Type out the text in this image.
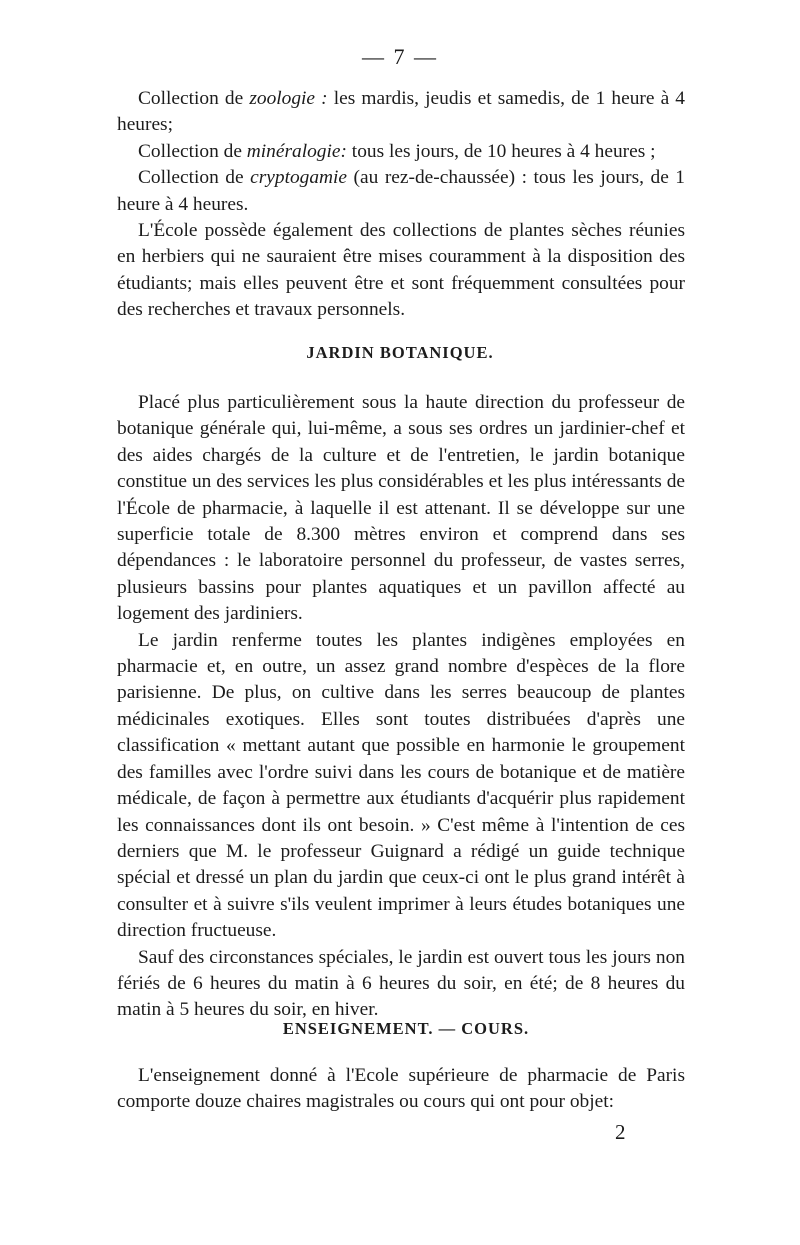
— 7 —

Collection de zoologie : les mardis, jeudis et samedis, de 1 heure à 4 heures;

Collection de minéralogie: tous les jours, de 10 heures à 4 heures ;

Collection de cryptogamie (au rez-de-chaussée) : tous les jours, de 1 heure à 4 heures.

L'École possède également des collections de plantes sèches réunies en herbiers qui ne sauraient être mises couramment à la disposition des étudiants; mais elles peuvent être et sont fréquemment consultées pour des recherches et travaux personnels.

JARDIN BOTANIQUE.

Placé plus particulièrement sous la haute direction du professeur de botanique générale qui, lui-même, a sous ses ordres un jardinier-chef et des aides chargés de la culture et de l'entretien, le jardin botanique constitue un des services les plus considérables et les plus intéressants de l'École de pharmacie, à laquelle il est attenant. Il se développe sur une superficie totale de 8.300 mètres environ et comprend dans ses dépendances : le laboratoire personnel du professeur, de vastes serres, plusieurs bassins pour plantes aquatiques et un pavillon affecté au logement des jardiniers.

Le jardin renferme toutes les plantes indigènes employées en pharmacie et, en outre, un assez grand nombre d'espèces de la flore parisienne. De plus, on cultive dans les serres beaucoup de plantes médicinales exotiques. Elles sont toutes distribuées d'après une classification « mettant autant que possible en harmonie le groupement des familles avec l'ordre suivi dans les cours de botanique et de matière médicale, de façon à permettre aux étudiants d'acquérir plus rapidement les connaissances dont ils ont besoin. » C'est même à l'intention de ces derniers que M. le professeur Guignard a rédigé un guide technique spécial et dressé un plan du jardin que ceux-ci ont le plus grand intérêt à consulter et à suivre s'ils veulent imprimer à leurs études botaniques une direction fructueuse.

Sauf des circonstances spéciales, le jardin est ouvert tous les jours non fériés de 6 heures du matin à 6 heures du soir, en été; de 8 heures du matin à 5 heures du soir, en hiver.

ENSEIGNEMENT. — COURS.

L'enseignement donné à l'Ecole supérieure de pharmacie de Paris comporte douze chaires magistrales ou cours qui ont pour objet:

2
